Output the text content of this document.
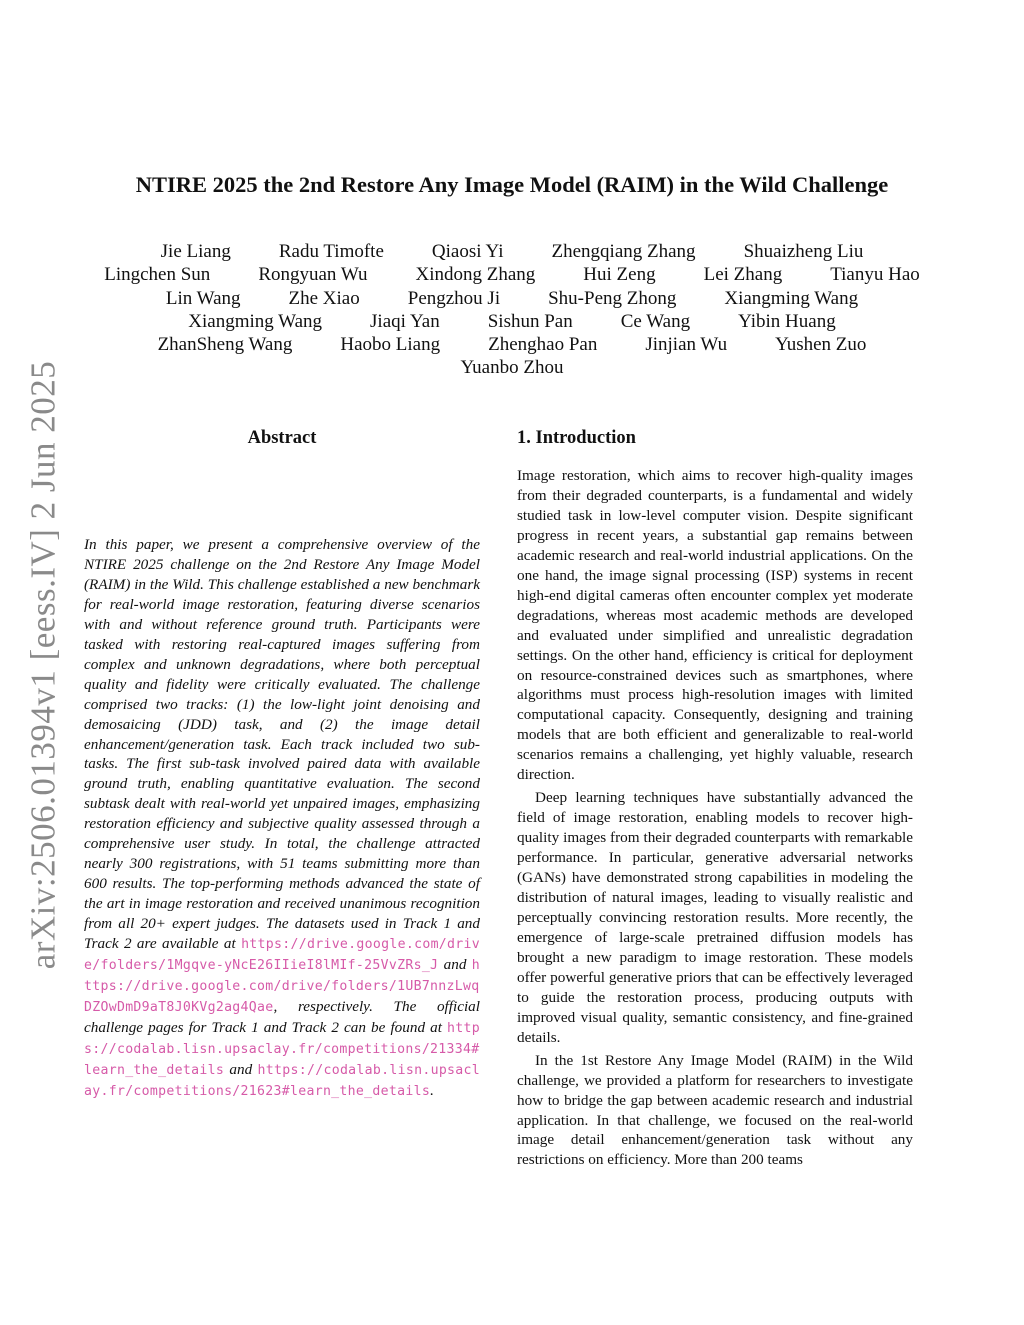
arXiv:2506.01394v1 [eess.IV] 2 Jun 2025
NTIRE 2025 the 2nd Restore Any Image Model (RAIM) in the Wild Challenge
Jie Liang	Radu Timofte	Qiaosi Yi	Zhengqiang Zhang	Shuaizheng Liu
Lingchen Sun	Rongyuan Wu	Xindong Zhang	Hui Zeng	Lei Zhang	Tianyu Hao
Lin Wang	Zhe Xiao	Pengzhou Ji	Shu-Peng Zhong	Xiangming Wang
Xiangming Wang	Jiaqi Yan	Sishun Pan	Ce Wang	Yibin Huang
ZhanSheng Wang	Haobo Liang	Zhenghao Pan	Jinjian Wu	Yushen Zuo
Yuanbo Zhou
Abstract

In this paper, we present a comprehensive overview of the NTIRE 2025 challenge on the 2nd Restore Any Image Model (RAIM) in the Wild. This challenge established a new benchmark for real-world image restoration, featuring diverse scenarios with and without reference ground truth. Participants were tasked with restoring real-captured images suffering from complex and unknown degradations, where both perceptual quality and fidelity were critically evaluated. The challenge comprised two tracks: (1) the low-light joint denoising and demosaicing (JDD) task, and (2) the image detail enhancement/generation task. Each track included two sub-tasks. The first sub-task involved paired data with available ground truth, enabling quantitative evaluation. The second subtask dealt with real-world yet unpaired images, emphasizing restoration efficiency and subjective quality assessed through a comprehensive user study. In total, the challenge attracted nearly 300 registrations, with 51 teams submitting more than 600 results. The top-performing methods advanced the state of the art in image restoration and received unanimous recognition from all 20+ expert judges. The datasets used in Track 1 and Track 2 are available at https://drive.google.com/drive/folders/1Mgqve-yNcE26IIieI8lMIf-25VvZRs_J and https://drive.google.com/drive/folders/1UB7nnzLwqDZOwDmD9aT8J0KVg2ag4Qae, respectively. The official challenge pages for Track 1 and Track 2 can be found at https://codalab.lisn.upsaclay.fr/competitions/21334#learn_the_details and https://codalab.lisn.upsaclay.fr/competitions/21623#learn_the_details.

1. Introduction

Image restoration, which aims to recover high-quality images from their degraded counterparts, is a fundamental and widely studied task in low-level computer vision. Despite significant progress in recent years, a substantial gap remains between academic research and real-world industrial applications. On the one hand, the image signal processing (ISP) systems in recent high-end digital cameras often encounter complex yet moderate degradations, whereas most academic methods are developed and evaluated under simplified and unrealistic degradation settings. On the other hand, efficiency is critical for deployment on resource-constrained devices such as smartphones, where algorithms must process high-resolution images with limited computational capacity. Consequently, designing and training models that are both efficient and generalizable to real-world scenarios remains a challenging, yet highly valuable, research direction.

Deep learning techniques have substantially advanced the field of image restoration, enabling models to recover high-quality images from their degraded counterparts with remarkable performance. In particular, generative adversarial networks (GANs) have demonstrated strong capabilities in modeling the distribution of natural images, leading to visually realistic and perceptually convincing restoration results. More recently, the emergence of large-scale pretrained diffusion models has brought a new paradigm to image restoration. These models offer powerful generative priors that can be effectively leveraged to guide the restoration process, producing outputs with improved visual quality, semantic consistency, and fine-grained details.

In the 1st Restore Any Image Model (RAIM) in the Wild challenge, we provided a platform for researchers to investigate how to bridge the gap between academic research and industrial application. In that challenge, we focused on the real-world image detail enhancement/generation task without any restrictions on efficiency. More than 200 teams
